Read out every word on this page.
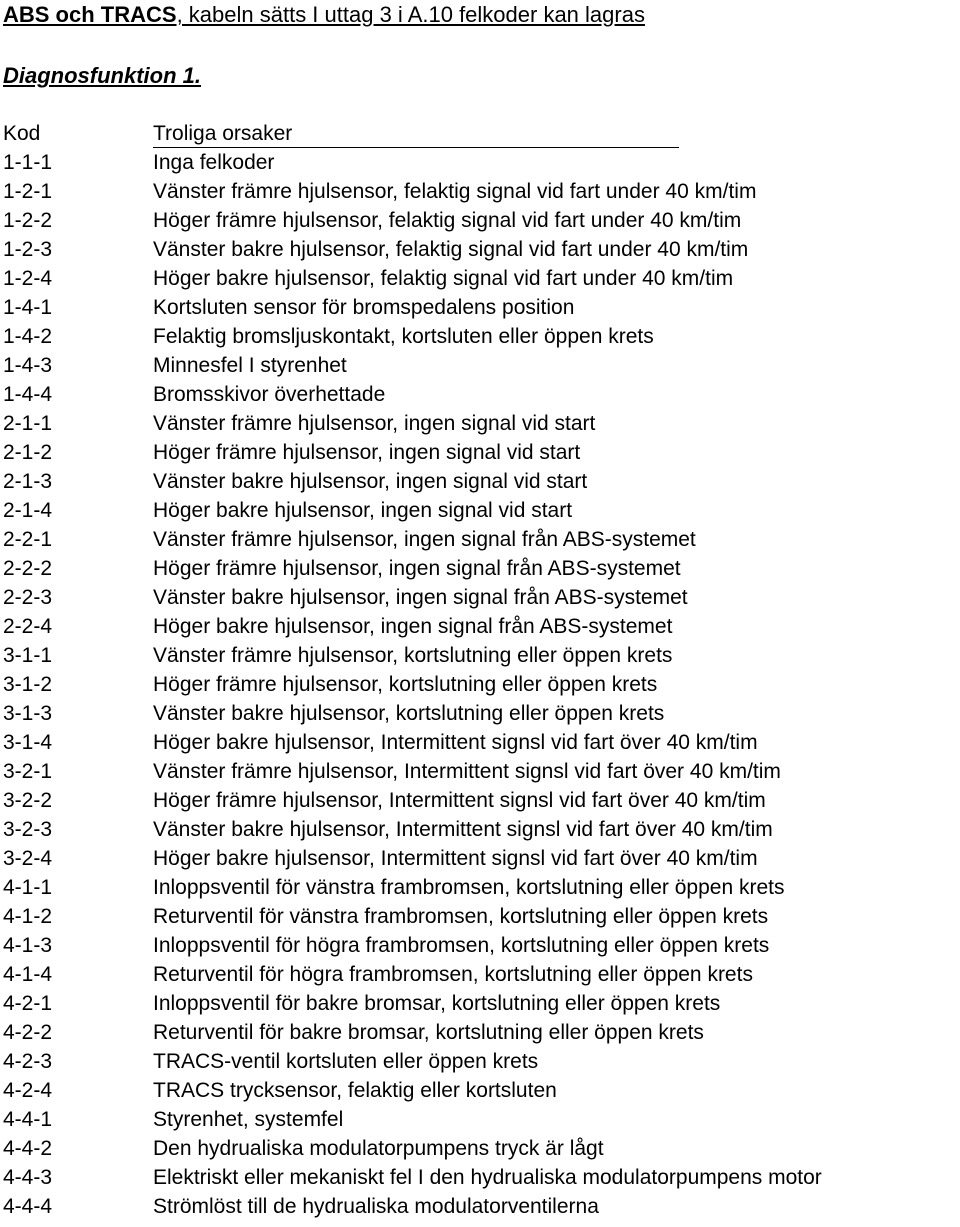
ABS och TRACS, kabeln sätts I uttag 3 i A.10 felkoder kan lagras
Diagnosfunktion 1.
Kod	Troliga orsaker
1-1-1	Inga felkoder
1-2-1	Vänster främre hjulsensor, felaktig signal vid fart under 40 km/tim
1-2-2	Höger främre hjulsensor, felaktig signal vid fart under 40 km/tim
1-2-3	Vänster bakre hjulsensor, felaktig signal vid fart under 40 km/tim
1-2-4	Höger bakre hjulsensor, felaktig signal vid fart under 40 km/tim
1-4-1	Kortsluten sensor för bromspedalens position
1-4-2	Felaktig bromsljuskontakt, kortsluten eller öppen krets
1-4-3	Minnesfel I styrenhet
1-4-4	Bromsskivor överhettade
2-1-1	Vänster främre hjulsensor, ingen signal vid start
2-1-2	Höger främre hjulsensor, ingen signal vid start
2-1-3	Vänster bakre hjulsensor, ingen signal vid start
2-1-4	Höger bakre hjulsensor, ingen signal vid start
2-2-1	Vänster främre hjulsensor, ingen signal från ABS-systemet
2-2-2	Höger främre hjulsensor, ingen signal från ABS-systemet
2-2-3	Vänster bakre hjulsensor, ingen signal från ABS-systemet
2-2-4	Höger bakre hjulsensor, ingen signal från ABS-systemet
3-1-1	Vänster främre hjulsensor, kortslutning eller öppen krets
3-1-2	Höger främre hjulsensor, kortslutning eller öppen krets
3-1-3	Vänster bakre hjulsensor, kortslutning eller öppen krets
3-1-4	Höger bakre hjulsensor, Intermittent signsl vid fart över 40 km/tim
3-2-1	Vänster främre hjulsensor, Intermittent signsl vid fart över 40 km/tim
3-2-2	Höger främre hjulsensor, Intermittent signsl vid fart över 40 km/tim
3-2-3	Vänster bakre hjulsensor, Intermittent signsl vid fart över 40 km/tim
3-2-4	Höger bakre hjulsensor, Intermittent signsl vid fart över 40 km/tim
4-1-1	Inloppsventil för vänstra frambromsen, kortslutning eller öppen krets
4-1-2	Returventil för vänstra frambromsen, kortslutning eller öppen krets
4-1-3	Inloppsventil för högra frambromsen, kortslutning eller öppen krets
4-1-4	Returventil för högra frambromsen, kortslutning eller öppen krets
4-2-1	Inloppsventil för bakre bromsar, kortslutning eller öppen krets
4-2-2	Returventil för bakre bromsar, kortslutning eller öppen krets
4-2-3	TRACS-ventil kortsluten eller öppen krets
4-2-4	TRACS trycksensor, felaktig eller kortsluten
4-4-1	Styrenhet, systemfel
4-4-2	Den hydrualiska modulatorpumpens tryck är lågt
4-4-3	Elektriskt eller mekaniskt fel I den hydrualiska modulatorpumpens motor
4-4-4	Strömlöst till de hydrualiska modulatorventilerna
